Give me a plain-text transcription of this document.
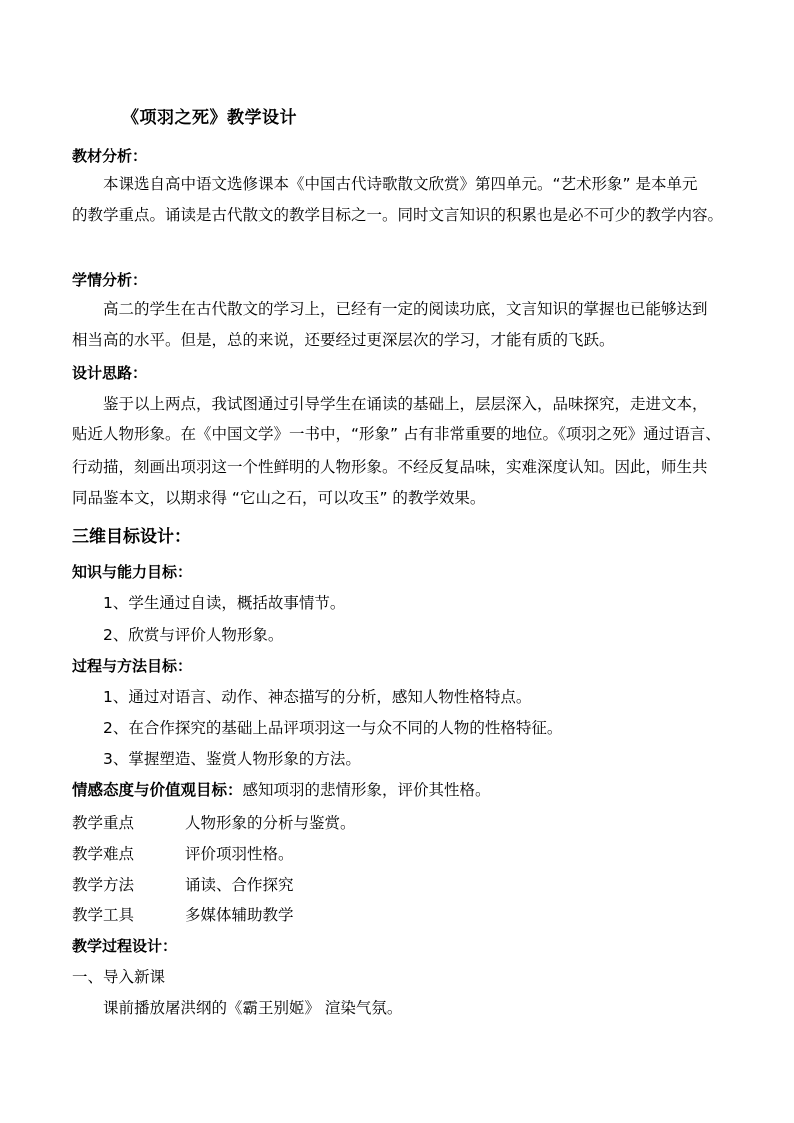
《项羽之死》教学设计
教材分析：
本课选自高中语文选修课本《中国古代诗歌散文欣赏》第四单元。“艺术形象” 是本单元
的教学重点。诵读是古代散文的教学目标之一。同时文言知识的积累也是必不可少的教学内容。
学情分析：
高二的学生在古代散文的学习上，已经有一定的阅读功底，文言知识的掌握也已能够达到
相当高的水平。但是，总的来说，还要经过更深层次的学习，才能有质的飞跃。
设计思路：
鉴于以上两点，我试图通过引导学生在诵读的基础上，层层深入，品味探究，走进文本，
贴近人物形象。在《中国文学》一书中，“形象” 占有非常重要的地位。《项羽之死》通过语言、
行动描，刻画出项羽这一个性鲜明的人物形象。不经反复品味，实难深度认知。因此，师生共
同品鉴本文，以期求得 “它山之石，可以攻玉” 的教学效果。
三维目标设计：
知识与能力目标：
1、学生通过自读，概括故事情节。
2、欣赏与评价人物形象。
过程与方法目标：
1、通过对语言、动作、神态描写的分析，感知人物性格特点。
2、在合作探究的基础上品评项羽这一与众不同的人物的性格特征。
3、掌握塑造、鉴赏人物形象的方法。
情感态度与价值观目标：感知项羽的悲情形象，评价其性格。
教学重点	人物形象的分析与鉴赏。
教学难点	评价项羽性格。
教学方法	诵读、合作探究
教学工具	多媒体辅助教学
教学过程设计：
一、导入新课
课前播放屠洪纲的《霸王别姬》 渲染气氛。
